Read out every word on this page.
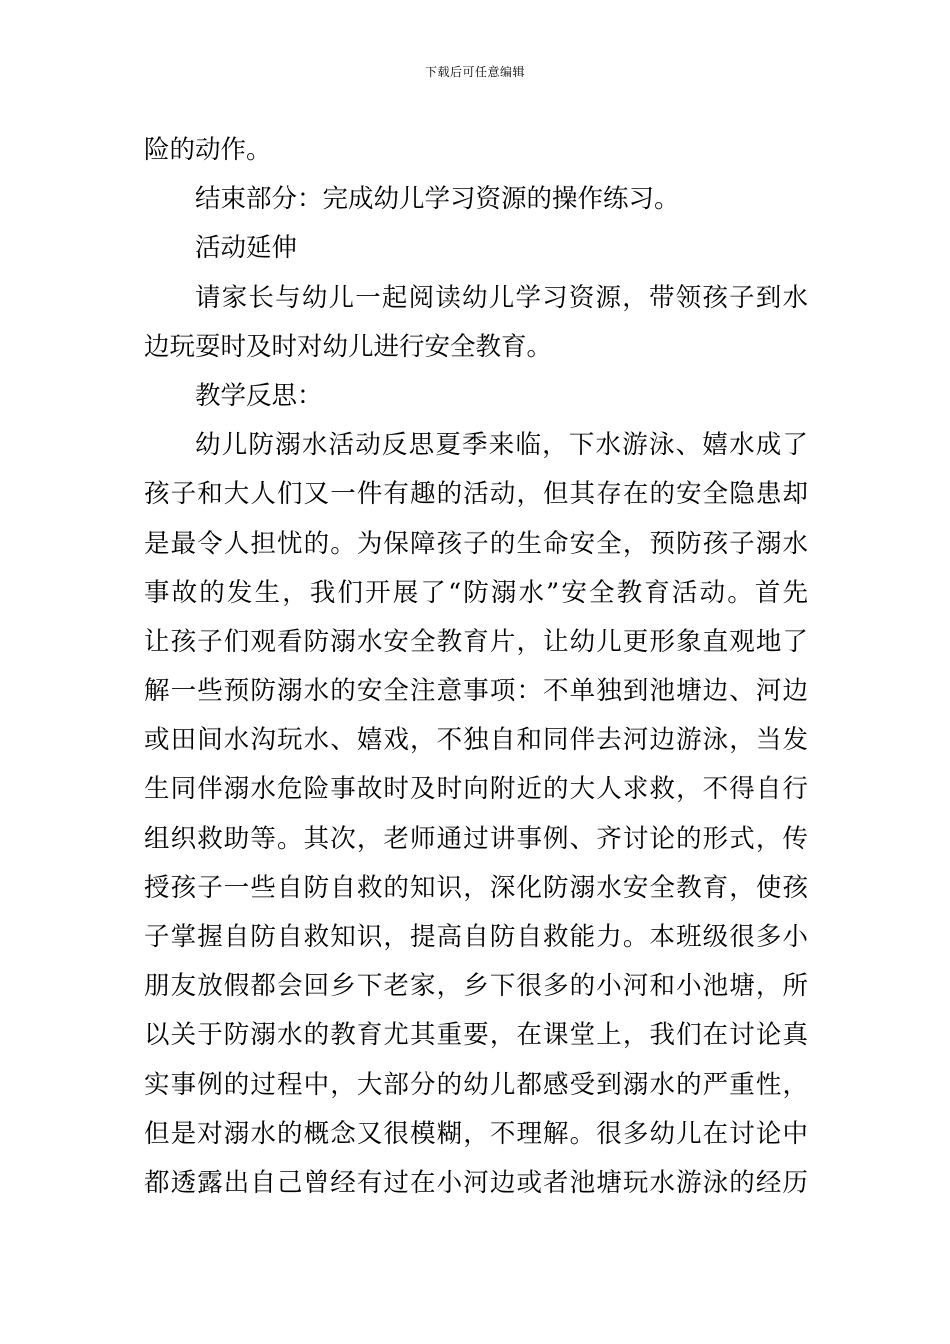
下载后可任意编辑
险的动作。
结束部分：完成幼儿学习资源的操作练习。
活动延伸
请家长与幼儿一起阅读幼儿学习资源，带领孩子到水
边玩耍时及时对幼儿进行安全教育。
教学反思：
幼儿防溺水活动反思夏季来临，下水游泳、嬉水成了
孩子和大人们又一件有趣的活动，但其存在的安全隐患却
是最令人担忧的。为保障孩子的生命安全，预防孩子溺水
事故的发生，我们开展了“防溺水”安全教育活动。首先
让孩子们观看防溺水安全教育片，让幼儿更形象直观地了
解一些预防溺水的安全注意事项：不单独到池塘边、河边
或田间水沟玩水、嬉戏，不独自和同伴去河边游泳，当发
生同伴溺水危险事故时及时向附近的大人求救，不得自行
组织救助等。其次，老师通过讲事例、齐讨论的形式，传
授孩子一些自防自救的知识，深化防溺水安全教育，使孩
子掌握自防自救知识，提高自防自救能力。本班级很多小
朋友放假都会回乡下老家，乡下很多的小河和小池塘，所
以关于防溺水的教育尤其重要，在课堂上，我们在讨论真
实事例的过程中，大部分的幼儿都感受到溺水的严重性，
但是对溺水的概念又很模糊，不理解。很多幼儿在讨论中
都透露出自己曾经有过在小河边或者池塘玩水游泳的经历
